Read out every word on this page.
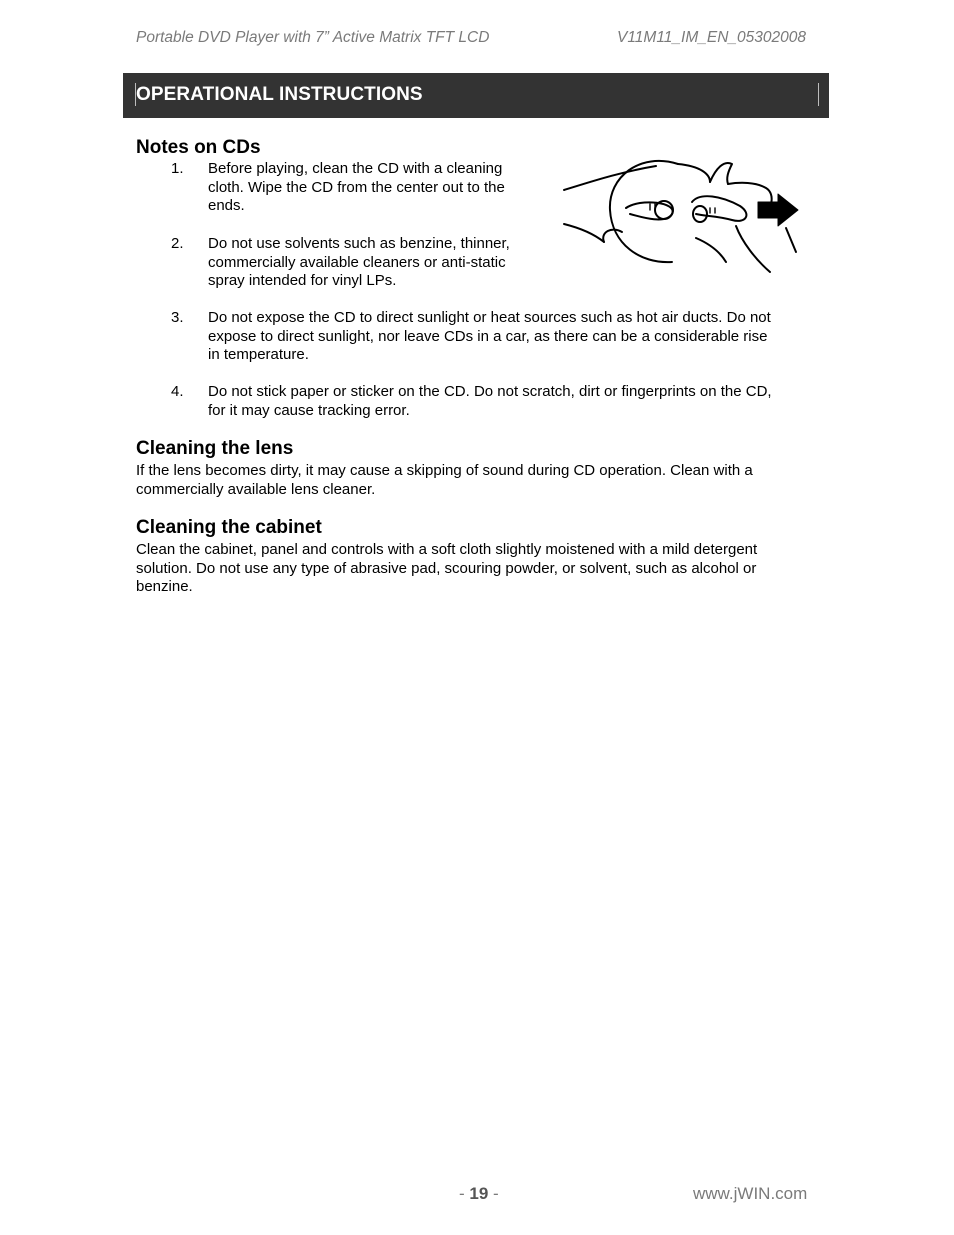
Portable DVD Player with 7” Active Matrix TFT LCD	V11M11_IM_EN_05302008
OPERATIONAL INSTRUCTIONS
Notes on CDs
1. Before playing, clean the CD with a cleaning
cloth. Wipe the CD from the center out to the
ends.
2. Do not use solvents such as benzine, thinner,
commercially available cleaners or anti-static
spray intended for vinyl LPs.
3. Do not expose the CD to direct sunlight or heat sources such as hot air ducts. Do not
expose to direct sunlight, nor leave CDs in a car, as there can be a considerable rise
in temperature.
4. Do not stick paper or sticker on the CD. Do not scratch, dirt or fingerprints on the CD,
for it may cause tracking error.
Cleaning the lens
If the lens becomes dirty, it may cause a skipping of sound during CD operation. Clean with a
commercially available lens cleaner.
Cleaning the cabinet
Clean the cabinet, panel and controls with a soft cloth slightly moistened with a mild detergent
solution. Do not use any type of abrasive pad, scouring powder, or solvent, such as alcohol or
benzine.
- 19 -	www.jWIN.com
